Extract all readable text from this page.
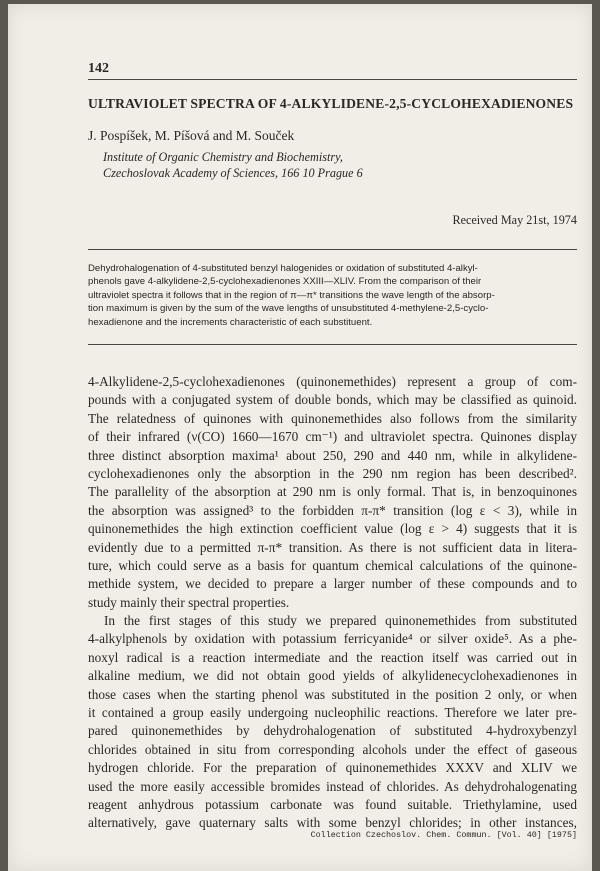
142

ULTRAVIOLET SPECTRA OF 4-ALKYLIDENE-2,5-CYCLOHEXADIENONES

J. Pospíšek, M. Píšová and M. Souček

Institute of Organic Chemistry and Biochemistry,
Czechoslovak Academy of Sciences, 166 10 Prague 6

Received May 21st, 1974

Dehydrohalogenation of 4-substituted benzyl halogenides or oxidation of substituted 4-alkyl-
phenols gave 4-alkylidene-2,5-cyclohexadienones XXIII—XLIV. From the comparison of their
ultraviolet spectra it follows that in the region of π—π* transitions the wave length of the absorp-
tion maximum is given by the sum of the wave lengths of unsubstituted 4-methylene-2,5-cyclo-
hexadienone and the increments characteristic of each substituent.

4-Alkylidene-2,5-cyclohexadienones (quinonemethides) represent a group of com-
pounds with a conjugated system of double bonds, which may be classified as quinoid.
The relatedness of quinones with quinonemethides also follows from the similarity
of their infrared (ν(CO) 1660—1670 cm⁻¹) and ultraviolet spectra. Quinones display
three distinct absorption maxima¹ about 250, 290 and 440 nm, while in alkylidene-
cyclohexadienones only the absorption in the 290 nm region has been described².
The parallelity of the absorption at 290 nm is only formal. That is, in benzoquinones
the absorption was assigned³ to the forbidden π-π* transition (log ε < 3), while in
quinonemethides the high extinction coefficient value (log ε > 4) suggests that it is
evidently due to a permitted π-π* transition. As there is not sufficient data in litera-
ture, which could serve as a basis for quantum chemical calculations of the quinone-
methide system, we decided to prepare a larger number of these compounds and to
study mainly their spectral properties.

In the first stages of this study we prepared quinonemethides from substituted
4-alkylphenols by oxidation with potassium ferricyanide⁴ or silver oxide⁵. As a phe-
noxyl radical is a reaction intermediate and the reaction itself was carried out in
alkaline medium, we did not obtain good yields of alkylidenecyclohexadienones in
those cases when the starting phenol was substituted in the position 2 only, or when
it contained a group easily undergoing nucleophilic reactions. Therefore we later pre-
pared quinonemethides by dehydrohalogenation of substituted 4-hydroxybenzyl
chlorides obtained in situ from corresponding alcohols under the effect of gaseous
hydrogen chloride. For the preparation of quinonemethides XXXV and XLIV we
used the more easily accessible bromides instead of chlorides. As dehydrohalogenating
reagent anhydrous potassium carbonate was found suitable. Triethylamine, used
alternatively, gave quaternary salts with some benzyl chlorides; in other instances,

Collection Czechoslov. Chem. Commun. [Vol. 40] [1975]
